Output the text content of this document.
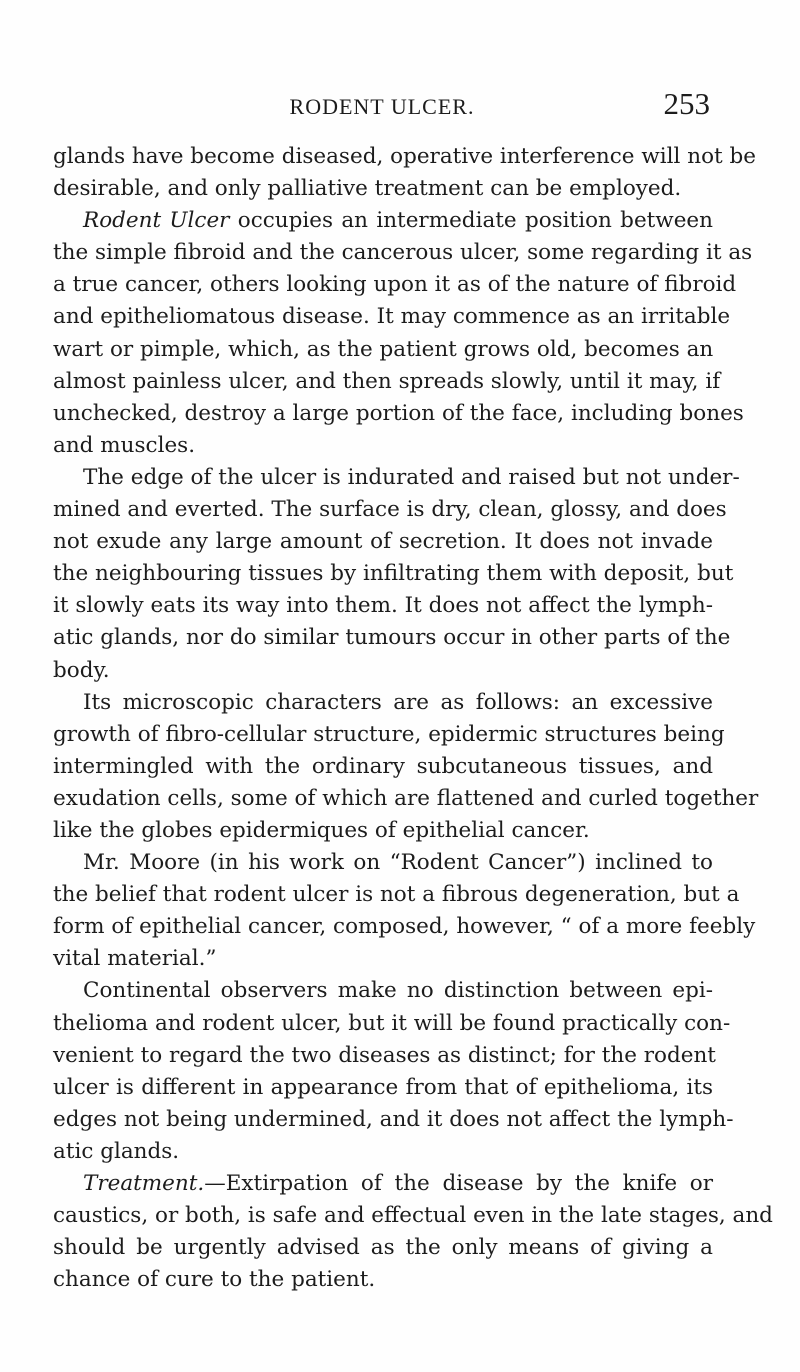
RODENT ULCER.	253
glands have become diseased, operative interference will not be
desirable, and only palliative treatment can be employed.
Rodent Ulcer occupies an intermediate position between
the simple fibroid and the cancerous ulcer, some regarding it as
a true cancer, others looking upon it as of the nature of fibroid
and epitheliomatous disease. It may commence as an irritable
wart or pimple, which, as the patient grows old, becomes an
almost painless ulcer, and then spreads slowly, until it may, if
unchecked, destroy a large portion of the face, including bones
and muscles.
The edge of the ulcer is indurated and raised but not under-
mined and everted. The surface is dry, clean, glossy, and does
not exude any large amount of secretion. It does not invade
the neighbouring tissues by infiltrating them with deposit, but
it slowly eats its way into them. It does not affect the lymph-
atic glands, nor do similar tumours occur in other parts of the
body.
Its microscopic characters are as follows: an excessive
growth of fibro-cellular structure, epidermic structures being
intermingled with the ordinary subcutaneous tissues, and
exudation cells, some of which are flattened and curled together
like the globes epidermiques of epithelial cancer.
Mr. Moore (in his work on “Rodent Cancer”) inclined to
the belief that rodent ulcer is not a fibrous degeneration, but a
form of epithelial cancer, composed, however, “ of a more feebly
vital material.”
Continental observers make no distinction between epi-
thelioma and rodent ulcer, but it will be found practically con-
venient to regard the two diseases as distinct; for the rodent
ulcer is different in appearance from that of epithelioma, its
edges not being undermined, and it does not affect the lymph-
atic glands.
Treatment.—Extirpation of the disease by the knife or
caustics, or both, is safe and effectual even in the late stages, and
should be urgently advised as the only means of giving a
chance of cure to the patient.
